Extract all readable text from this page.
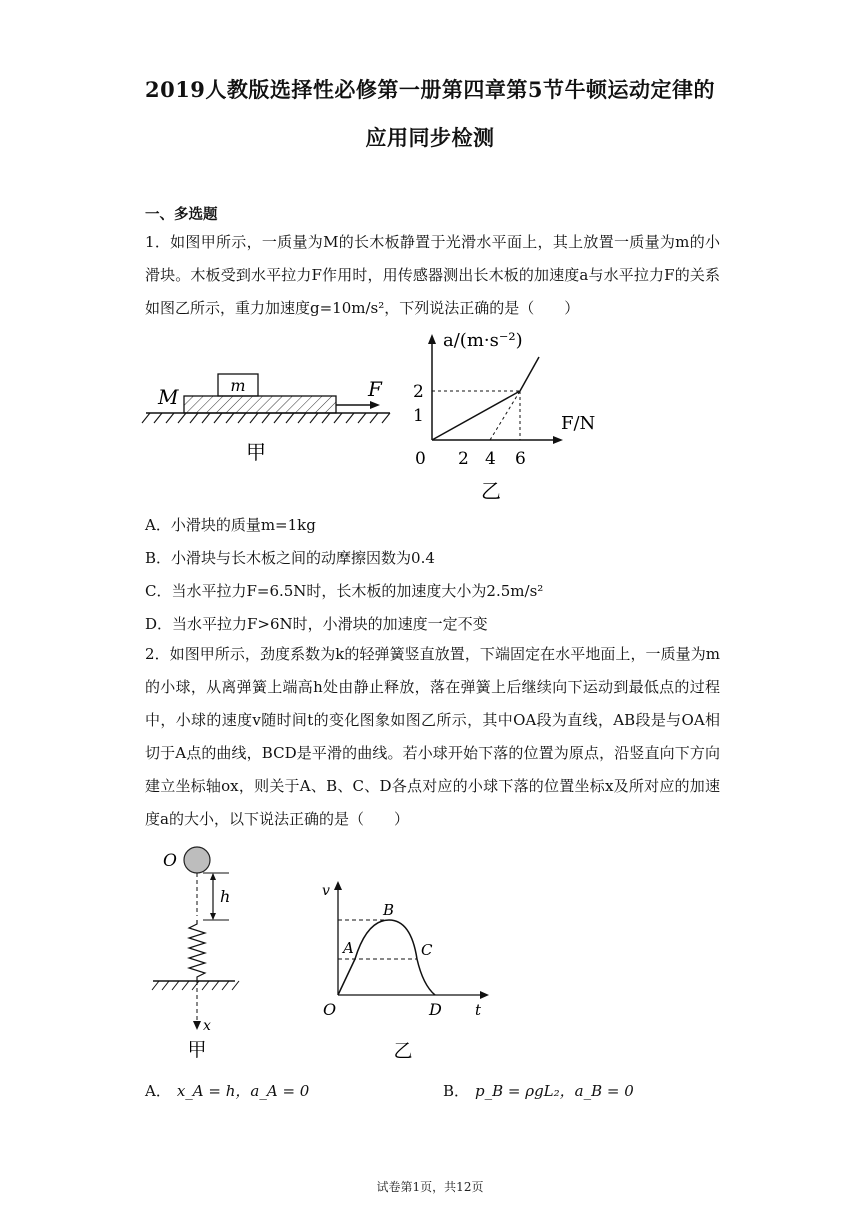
2019人教版选择性必修第一册第四章第5节牛顿运动定律的
应用同步检测
一、多选题
1．如图甲所示，一质量为M的长木板静置于光滑水平面上，其上放置一质量为m的小滑块。木板受到水平拉力F作用时，用传感器测出长木板的加速度a与水平拉力F的关系如图乙所示，重力加速度g=10m/s²，下列说法正确的是（　　）
m
M	F
甲
a/(m·s⁻²)
F/N
2
1
0 2 4 6
乙
A．小滑块的质量m=1kg
B．小滑块与长木板之间的动摩擦因数为0.4
C．当水平拉力F=6.5N时，长木板的加速度大小为2.5m/s²
D．当水平拉力F>6N时，小滑块的加速度一定不变
2．如图甲所示，劲度系数为k的轻弹簧竖直放置，下端固定在水平地面上，一质量为m的小球，从离弹簧上端高h处由静止释放，落在弹簧上后继续向下运动到最低点的过程中，小球的速度v随时间t的变化图象如图乙所示，其中OA段为直线，AB段是与OA相切于A点的曲线，BCD是平滑的曲线。若小球开始下落的位置为原点，沿竖直向下方向建立坐标轴ox，则关于A、B、C、D各点对应的小球下落的位置坐标x及所对应的加速度a的大小，以下说法正确的是（　　）
O
h
x
甲
v
t
O	D
A
B
C
乙
A． x_A = h，a_A = 0	B． p_B = ρgL₂，a_B = 0
试卷第1页，共12页
